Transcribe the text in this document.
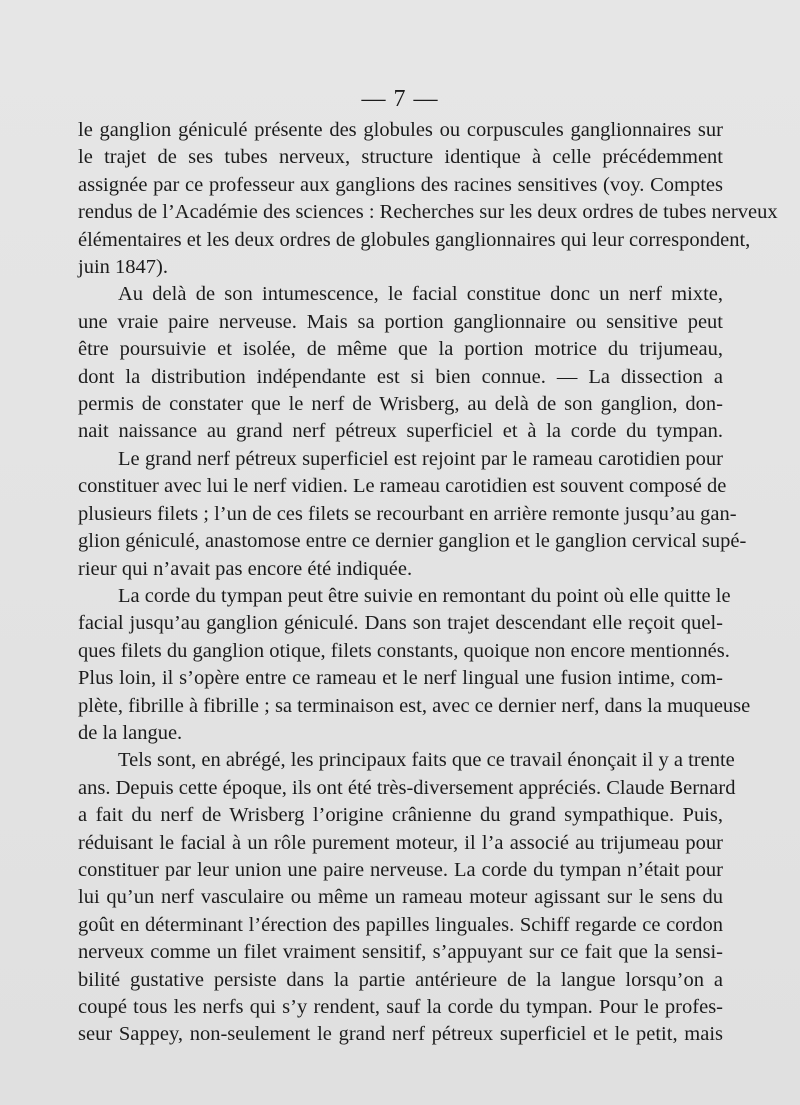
— 7 —
le ganglion géniculé présente des globules ou corpuscules ganglionnaires sur
le trajet de ses tubes nerveux, structure identique à celle précédemment
assignée par ce professeur aux ganglions des racines sensitives (voy. Comptes
rendus de l’Académie des sciences : Recherches sur les deux ordres de tubes nerveux
élémentaires et les deux ordres de globules ganglionnaires qui leur correspondent,
juin 1847).
Au delà de son intumescence, le facial constitue donc un nerf mixte,
une vraie paire nerveuse. Mais sa portion ganglionnaire ou sensitive peut
être poursuivie et isolée, de même que la portion motrice du trijumeau,
dont la distribution indépendante est si bien connue. — La dissection a
permis de constater que le nerf de Wrisberg, au delà de son ganglion, don-
nait naissance au grand nerf pétreux superficiel et à la corde du tympan.
Le grand nerf pétreux superficiel est rejoint par le rameau carotidien pour
constituer avec lui le nerf vidien. Le rameau carotidien est souvent composé de
plusieurs filets ; l’un de ces filets se recourbant en arrière remonte jusqu’au gan-
glion géniculé, anastomose entre ce dernier ganglion et le ganglion cervical supé-
rieur qui n’avait pas encore été indiquée.
La corde du tympan peut être suivie en remontant du point où elle quitte le
facial jusqu’au ganglion géniculé. Dans son trajet descendant elle reçoit quel-
ques filets du ganglion otique, filets constants, quoique non encore mentionnés.
Plus loin, il s’opère entre ce rameau et le nerf lingual une fusion intime, com-
plète, fibrille à fibrille ; sa terminaison est, avec ce dernier nerf, dans la muqueuse
de la langue.
Tels sont, en abrégé, les principaux faits que ce travail énonçait il y a trente
ans. Depuis cette époque, ils ont été très-diversement appréciés. Claude Bernard
a fait du nerf de Wrisberg l’origine crânienne du grand sympathique. Puis,
réduisant le facial à un rôle purement moteur, il l’a associé au trijumeau pour
constituer par leur union une paire nerveuse. La corde du tympan n’était pour
lui qu’un nerf vasculaire ou même un rameau moteur agissant sur le sens du
goût en déterminant l’érection des papilles linguales. Schiff regarde ce cordon
nerveux comme un filet vraiment sensitif, s’appuyant sur ce fait que la sensi-
bilité gustative persiste dans la partie antérieure de la langue lorsqu’on a
coupé tous les nerfs qui s’y rendent, sauf la corde du tympan. Pour le profes-
seur Sappey, non-seulement le grand nerf pétreux superficiel et le petit, mais
